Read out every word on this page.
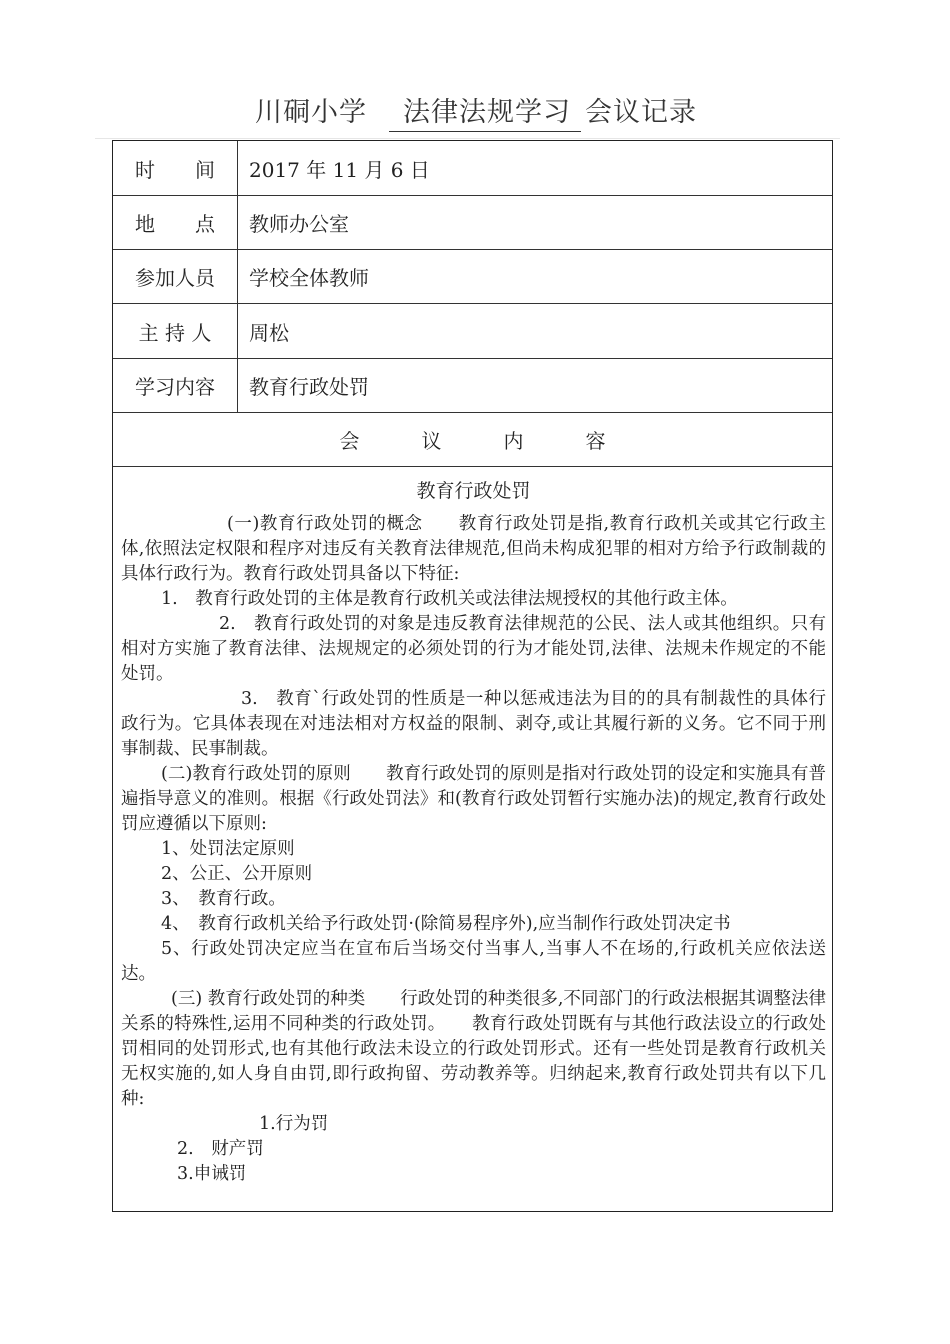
川硐小学 法律法规学习 会议记录
时　　间	2017 年 11 月 6 日
地　　点	教师办公室
参加人员	学校全体教师
主 持 人	周松
学习内容	教育行政处罚
会议内容
教育行政处罚

(一)教育行政处罚的概念　　教育行政处罚是指,教育行政机关或其它行政主体,依照法定权限和程序对违反有关教育法律规范,但尚未构成犯罪的相对方给予行政制裁的具体行政行为。教育行政处罚具备以下特征:

1.　教育行政处罚的主体是教育行政机关或法律法规授权的其他行政主体。

2.　教育行政处罚的对象是违反教育法律规范的公民、法人或其他组织。只有相对方实施了教育法律、法规规定的必须处罚的行为才能处罚,法律、法规未作规定的不能处罚。

3.　教育`行政处罚的性质是一种以惩戒违法为目的的具有制裁性的具体行政行为。它具体表现在对违法相对方权益的限制、剥夺,或让其履行新的义务。它不同于刑事制裁、民事制裁。

(二)教育行政处罚的原则　　教育行政处罚的原则是指对行政处罚的设定和实施具有普遍指导意义的准则。根据《行政处罚法》和(教育行政处罚暂行实施办法)的规定,教育行政处罚应遵循以下原则:

1、处罚法定原则

2、公正、公开原则

3、　教育行政。

4、　教育行政机关给予行政处罚·(除简易程序外),应当制作行政处罚决定书

5、行政处罚决定应当在宣布后当场交付当事人,当事人不在场的,行政机关应依法送达。

(三) 教育行政处罚的种类　　行政处罚的种类很多,不同部门的行政法根据其调整法律关系的特殊性,运用不同种类的行政处罚。　　教育行政处罚既有与其他行政法设立的行政处罚相同的处罚形式,也有其他行政法未设立的行政处罚形式。还有一些处罚是教育行政机关无权实施的,如人身自由罚,即行政拘留、劳动教养等。归纳起来,教育行政处罚共有以下几种:

1.行为罚

2.　财产罚

3.申诫罚
